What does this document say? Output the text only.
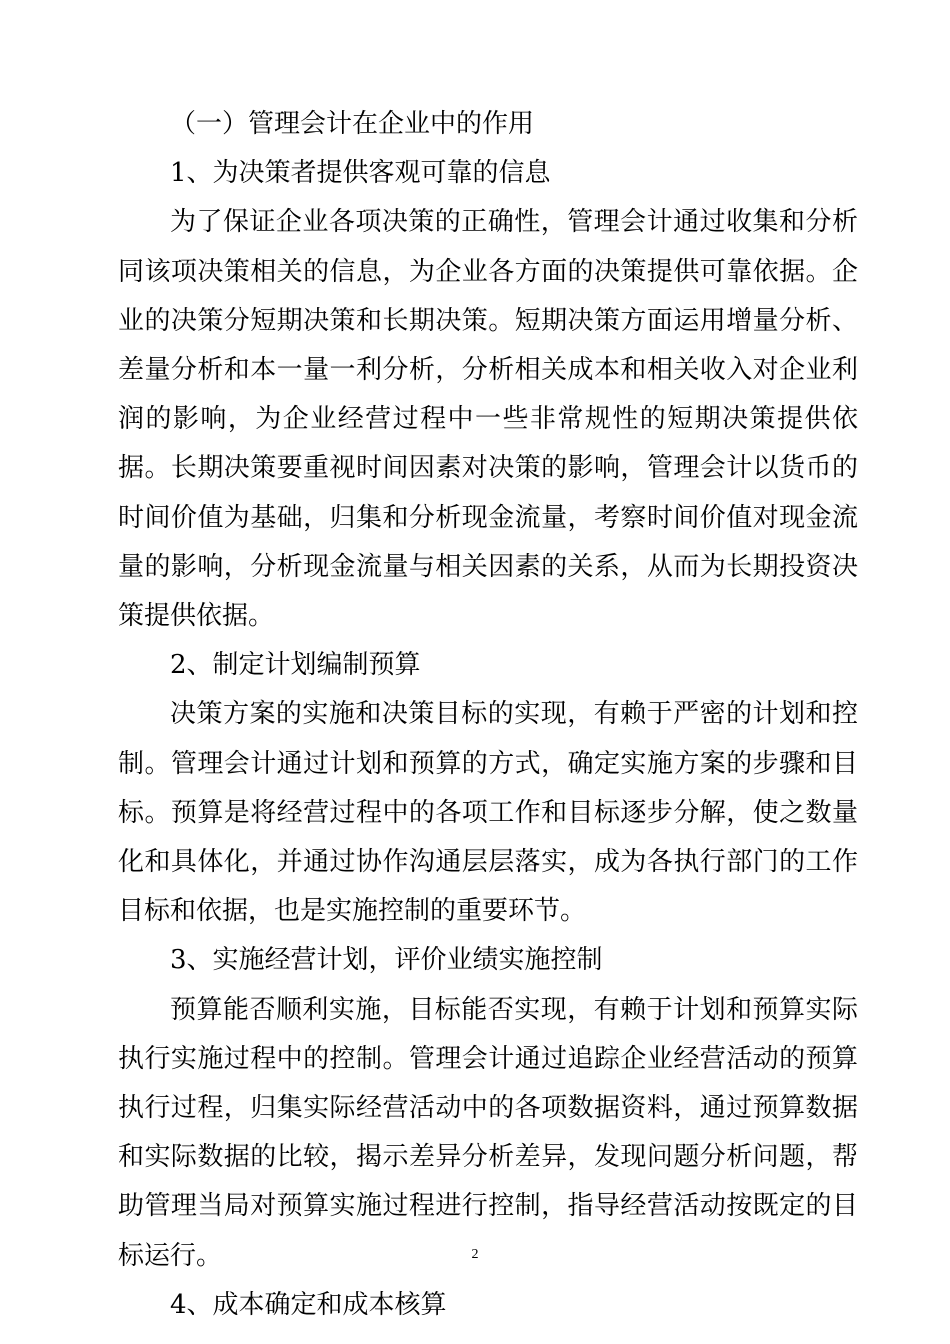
（一）管理会计在企业中的作用

1、为决策者提供客观可靠的信息

为了保证企业各项决策的正确性，管理会计通过收集和分析同该项决策相关的信息，为企业各方面的决策提供可靠依据。企业的决策分短期决策和长期决策。短期决策方面运用增量分析、差量分析和本一量一利分析，分析相关成本和相关收入对企业利润的影响，为企业经营过程中一些非常规性的短期决策提供依据。长期决策要重视时间因素对决策的影响，管理会计以货币的时间价值为基础，归集和分析现金流量，考察时间价值对现金流量的影响，分析现金流量与相关因素的关系，从而为长期投资决策提供依据。

2、制定计划编制预算

决策方案的实施和决策目标的实现，有赖于严密的计划和控制。管理会计通过计划和预算的方式，确定实施方案的步骤和目标。预算是将经营过程中的各项工作和目标逐步分解，使之数量化和具体化，并通过协作沟通层层落实，成为各执行部门的工作目标和依据，也是实施控制的重要环节。

3、实施经营计划，评价业绩实施控制

预算能否顺利实施，目标能否实现，有赖于计划和预算实际执行实施过程中的控制。管理会计通过追踪企业经营活动的预算执行过程，归集实际经营活动中的各项数据资料，通过预算数据和实际数据的比较，揭示差异分析差异，发现问题分析问题，帮助管理当局对预算实施过程进行控制，指导经营活动按既定的目标运行。

4、成本确定和成本核算

2
